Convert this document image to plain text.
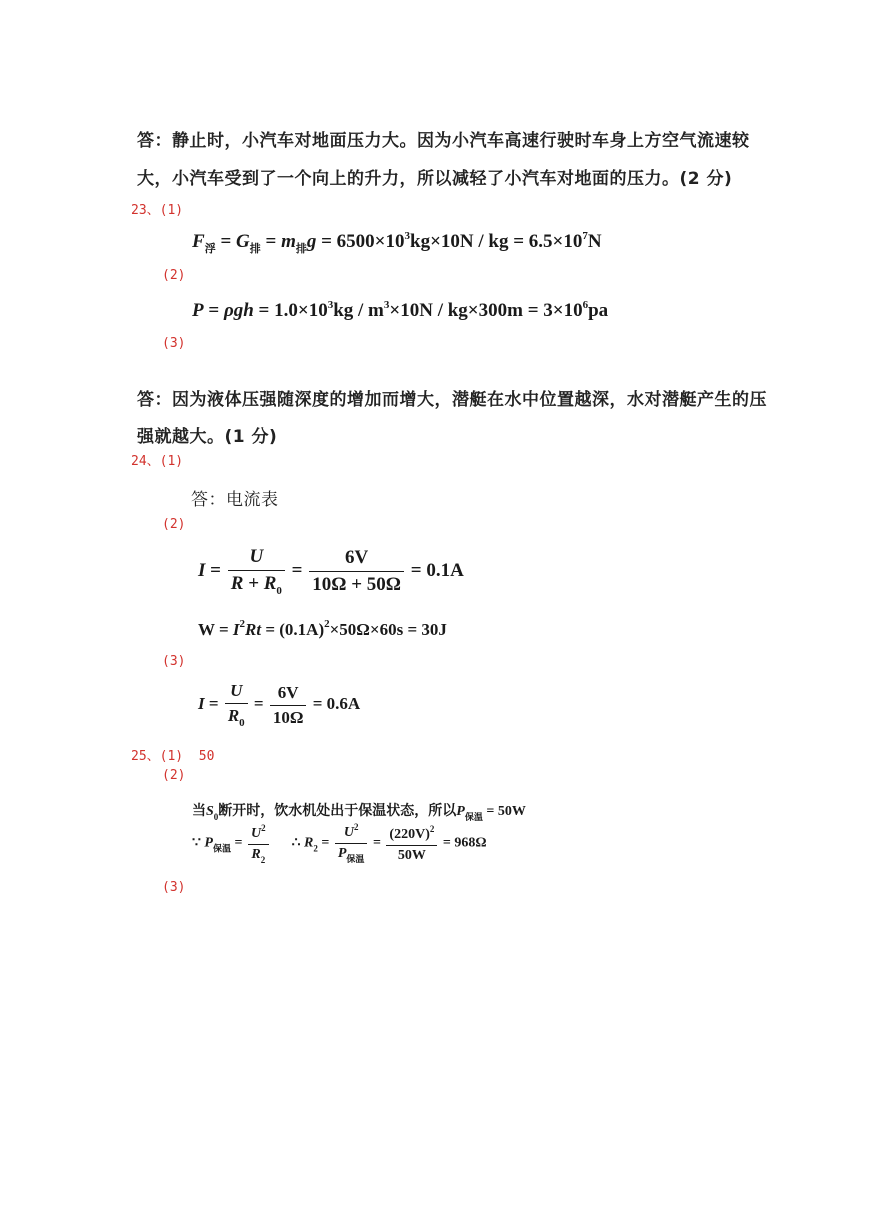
答：静止时，小汽车对地面压力大。因为小汽车高速行驶时车身上方空气流速较
大，小汽车受到了一个向上的升力，所以减轻了小汽车对地面的压力。(2 分)
23、(1)
$F_浮 = G_排 = m_排g = 6500\times 10^3kg\times 10N$ / kg = $6.5\times 10^7N$
(2)
$P = \rho gh = 1.0\times 10^3kg / m^3\times 10N / kg\times 300m = 3\times 10^6pa$
(3)
答：因为液体压强随深度的增加而增大，潜艇在水中位置越深，水对潜艇产生的压
强就越大。(1 分)
24、(1)
答：电流表
(2)
$I = \frac{U}{R + R_0} = \frac{6V}{10\Omega + 50\Omega} = 0.1A$
$W = I^2Rt = (0.1A)^2\times 50\Omega\times 60s = 30J$
(3)
$I = \frac{U}{R_0} = \frac{6V}{10\Omega} = 0.6A$
25、(1) 50
(2)
当$S_0$断开时，饮水机处出于保温状态，所以$P_{保温} = 50W$
∵ $P_{保温} = \frac{U^2}{R_2}$ ∴ $R_2 = \frac{U^2}{P_{保温}} = \frac{(220V)^2}{50W} = 968\Omega$
(3)
